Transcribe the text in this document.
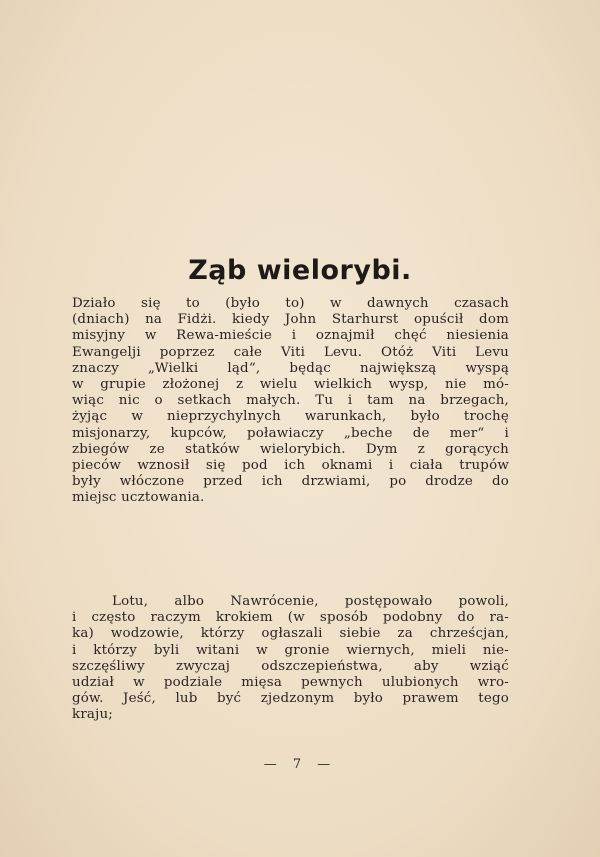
Ząb wielorybi.
Działo się to (było to) w dawnych czasach
(dniach) na Fidżi. kiedy John Starhurst opuścił dom
misyjny w Rewa-mieście i oznajmił chęć niesienia
Ewangelji poprzez całe Viti Levu. Otóż Viti Levu
znaczy „Wielki ląd“, będąc największą wyspą
w grupie złożonej z wielu wielkich wysp, nie mó-
wiąc nic o setkach małych. Tu i tam na brzegach,
żyjąc w nieprzychylnych warunkach, było trochę
misjonarzy, kupców, poławiaczy „beche de mer“ i
zbiegów ze statków wielorybich. Dym z gorących
pieców wznosił się pod ich oknami i ciała trupów
były włóczone przed ich drzwiami, po drodze do
miejsc ucztowania.
Lotu, albo Nawrócenie, postępowało powoli,
i często raczym krokiem (w sposób podobny do ra-
ka) wodzowie, którzy ogłaszali siebie za chrześcjan,
i którzy byli witani w gronie wiernych, mieli nie-
szczęśliwy zwyczaj odszczepieństwa, aby wziąć
udział w podziale mięsa pewnych ulubionych wro-
gów. Jeść, lub być zjedzonym było prawem tego
kraju;
— 7 —
